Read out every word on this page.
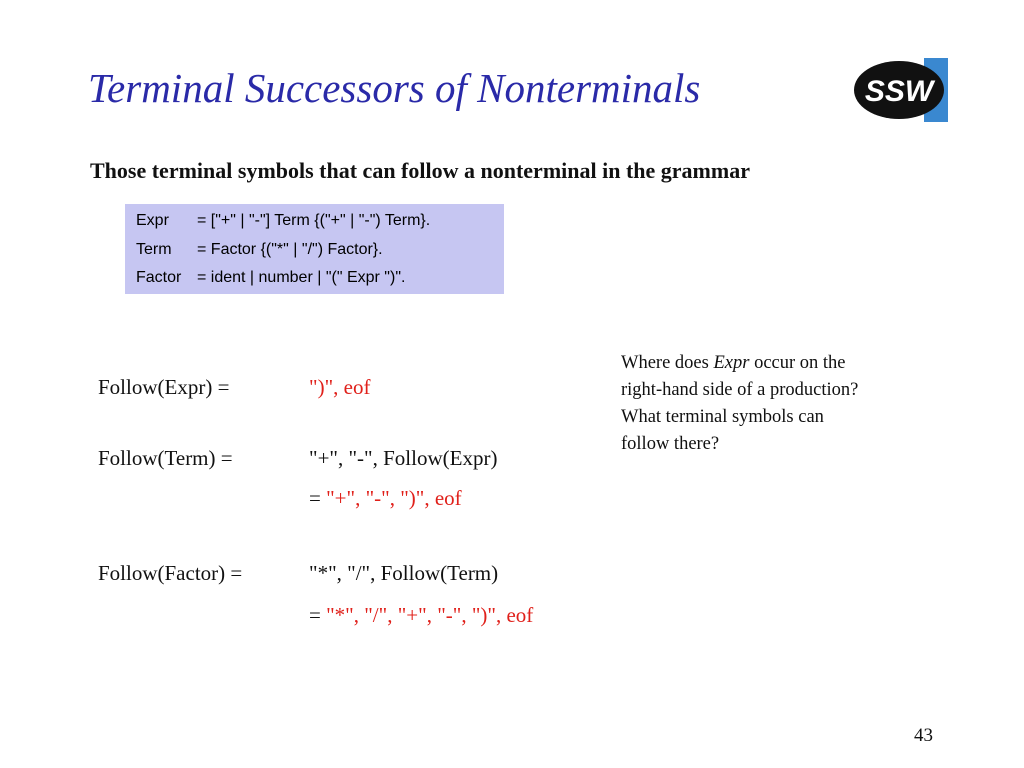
Terminal Successors of Nonterminals	SSW
Those terminal symbols that can follow a nonterminal in the grammar
Expr = ["+" | "-"] Term {("+" | "-") Term}.
Term = Factor {("*" | "/") Factor}.
Factor = ident | number | "(" Expr ")".
Follow(Expr) =	")", eof
Follow(Term) =	"+", "-", Follow(Expr)
= "+", "-", ")", eof
Follow(Factor) =	"*", "/", Follow(Term)
= "*", "/", "+", "-", ")", eof
Where does Expr occur on the
right-hand side of a production?
What terminal symbols can
follow there?
43
